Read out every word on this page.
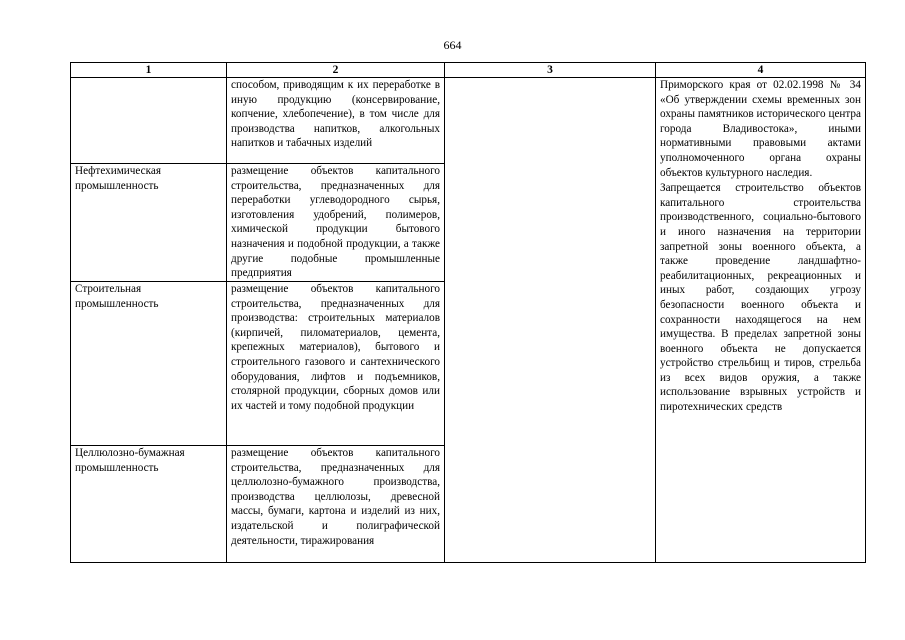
664
1	2	3	4
	способом, приводящим к их переработке в иную продукцию (консервирование, копчение, хлебопечение), в том числе для производства напитков, алкогольных напитков и табачных изделий		Приморского края от 02.02.1998 № 34 «Об утверждении схемы временных зон охраны памятников исторического центра города Владивостока», иными нормативными правовыми актами уполномоченного органа охраны объектов культурного наследия.
Запрещается строительство объектов капитального строительства производственного, социально-бытового и иного назначения на территории запретной зоны военного объекта, а также проведение ландшафтно-реабилитационных, рекреационных и иных работ, создающих угрозу безопасности военного объекта и сохранности находящегося на нем имущества. В пределах запретной зоны военного объекта не допускается устройство стрельбищ и тиров, стрельба из всех видов оружия, а также использование взрывных устройств и пиротехнических средств

Нефтехимическая промышленность	размещение объектов капитального строительства, предназначенных для переработки углеводородного сырья, изготовления удобрений, полимеров, химической продукции бытового назначения и подобной продукции, а также другие подобные промышленные предприятия		
Строительная промышленность	размещение объектов капитального строительства, предназначенных для производства: строительных материалов (кирпичей, пиломатериалов, цемента, крепежных материалов), бытового и строительного газового и сантехнического оборудования, лифтов и подъемников, столярной продукции, сборных домов или их частей и тому подобной продукции		
Целлюлозно-бумажная промышленность	размещение объектов капитального строительства, предназначенных для целлюлозно-бумажного производства, производства целлюлозы, древесной массы, бумаги, картона и изделий из них, издательской и полиграфической деятельности, тиражирования		
